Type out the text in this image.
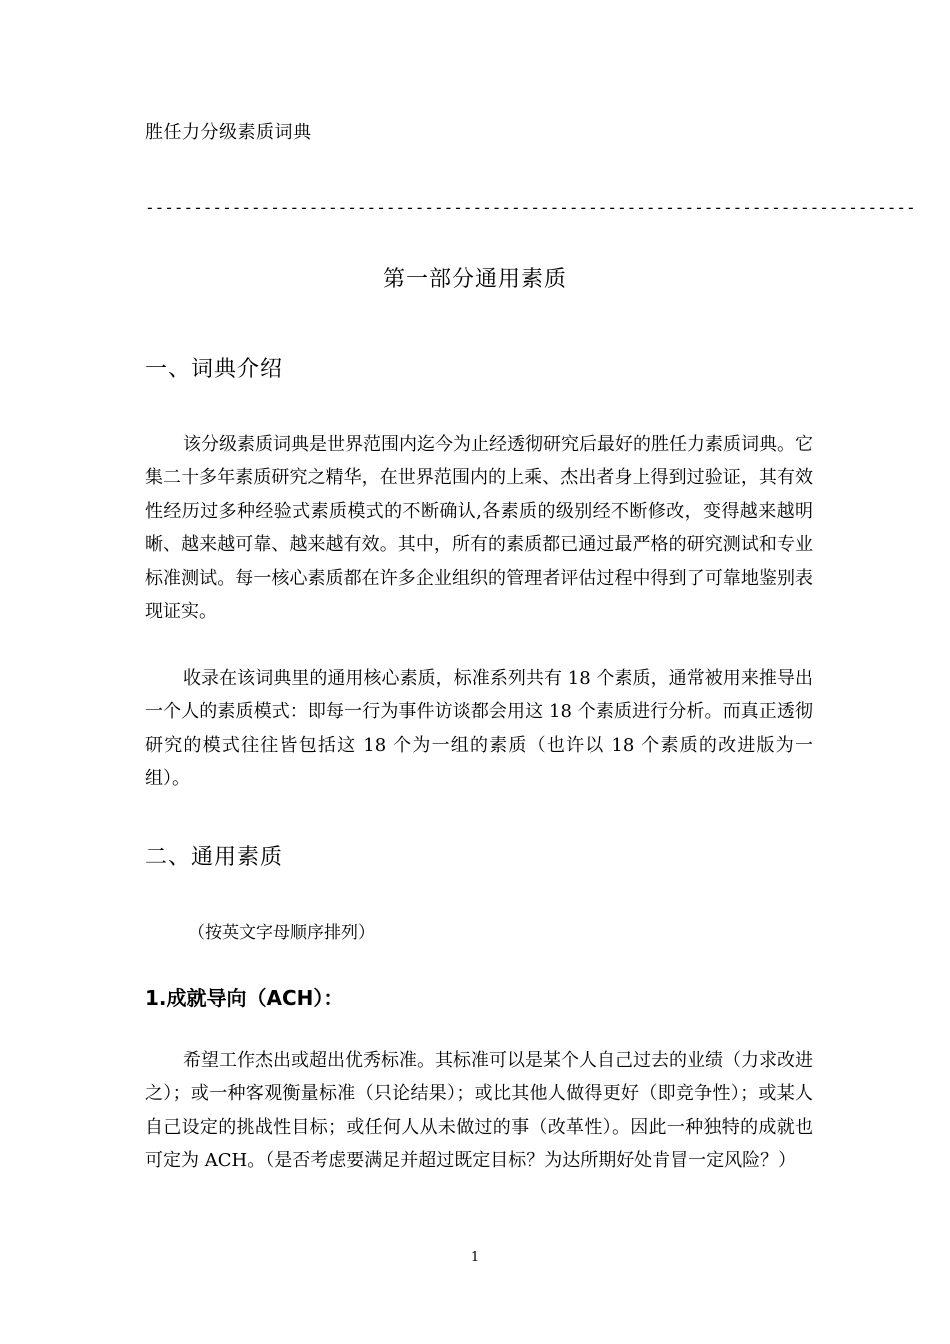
胜任力分级素质词典
--------------------------------------------------------------------------------
第一部分通用素质
一、词典介绍

该分级素质词典是世界范围内迄今为止经透彻研究后最好的胜任力素质词典。它集二十多年素质研究之精华，在世界范围内的上乘、杰出者身上得到过验证，其有效性经历过多种经验式素质模式的不断确认,各素质的级别经不断修改，变得越来越明晰、越来越可靠、越来越有效。其中，所有的素质都已通过最严格的研究测试和专业标准测试。每一核心素质都在许多企业组织的管理者评估过程中得到了可靠地鉴别表现证实。

收录在该词典里的通用核心素质，标准系列共有 18 个素质，通常被用来推导出一个人的素质模式：即每一行为事件访谈都会用这 18 个素质进行分析。而真正透彻研究的模式往往皆包括这 18 个为一组的素质（也许以 18 个素质的改进版为一组）。

二、通用素质
（按英文字母顺序排列）
1.成就导向（ACH）：

希望工作杰出或超出优秀标准。其标准可以是某个人自己过去的业绩（力求改进之）；或一种客观衡量标准（只论结果）；或比其他人做得更好（即竞争性）；或某人自己设定的挑战性目标；或任何人从未做过的事（改革性）。因此一种独特的成就也可定为 ACH。（是否考虑要满足并超过既定目标？为达所期好处肯冒一定风险？）

1
